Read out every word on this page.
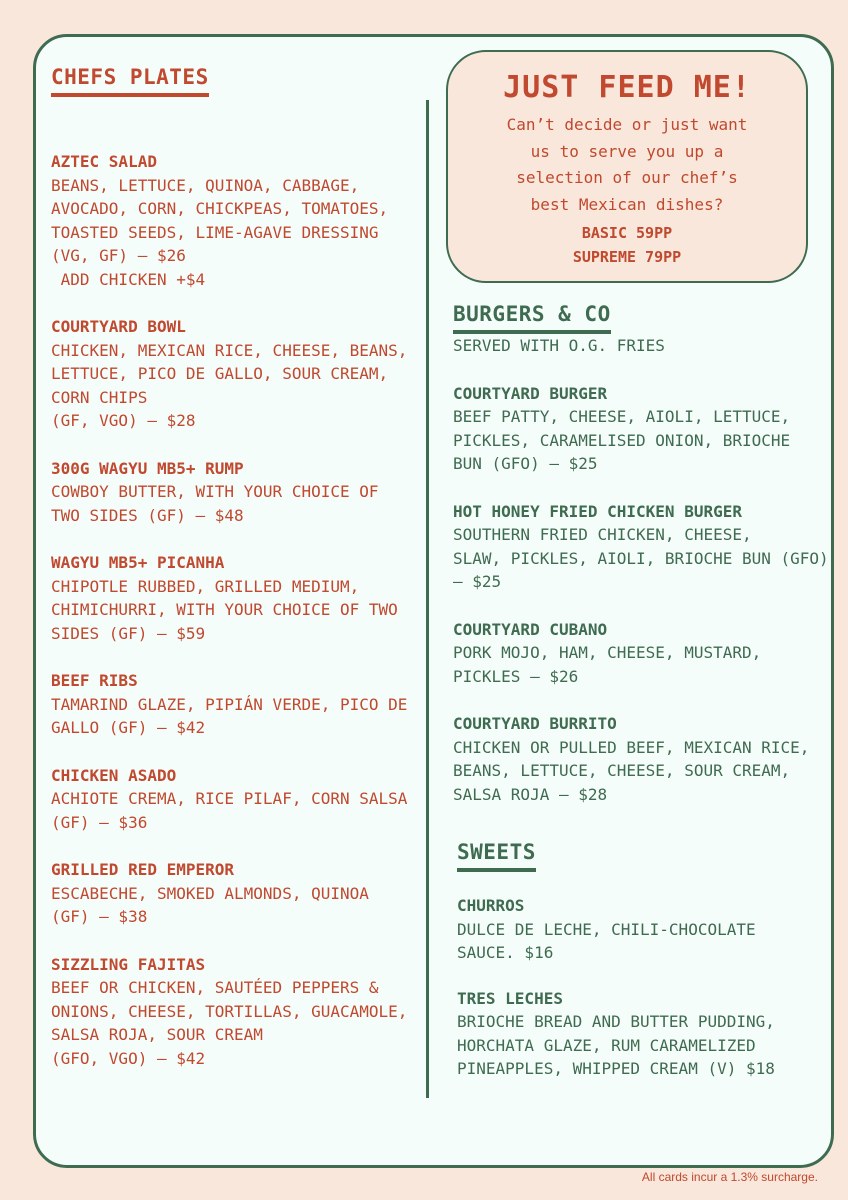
CHEFS PLATES

AZTEC SALAD

BEANS, LETTUCE, QUINOA, CABBAGE,
AVOCADO, CORN, CHICKPEAS, TOMATOES,
TOASTED SEEDS, LIME-AGAVE DRESSING
(VG, GF) — $26
ADD CHICKEN +$4

COURTYARD BOWL

CHICKEN, MEXICAN RICE, CHEESE, BEANS,
LETTUCE, PICO DE GALLO, SOUR CREAM,
CORN CHIPS
(GF, VGO) — $28

300G WAGYU MB5+ RUMP

COWBOY BUTTER, WITH YOUR CHOICE OF
TWO SIDES (GF) — $48

WAGYU MB5+ PICANHA

CHIPOTLE RUBBED, GRILLED MEDIUM,
CHIMICHURRI, WITH YOUR CHOICE OF TWO
SIDES (GF) — $59

BEEF RIBS

TAMARIND GLAZE, PIPIÁN VERDE, PICO DE
GALLO (GF) — $42

CHICKEN ASADO

ACHIOTE CREMA, RICE PILAF, CORN SALSA
(GF) — $36

GRILLED RED EMPEROR

ESCABECHE, SMOKED ALMONDS, QUINOA
(GF) — $38

SIZZLING FAJITAS

BEEF OR CHICKEN, SAUTÉED PEPPERS &
ONIONS, CHEESE, TORTILLAS, GUACAMOLE,
SALSA ROJA, SOUR CREAM
(GFO, VGO) — $42

JUST FEED ME!
Can’t decide or just want
us to serve you up a
selection of our chef’s
best Mexican dishes?
BASIC 59PP
SUPREME 79PP
BURGERS & CO

SERVED WITH O.G. FRIES

COURTYARD BURGER

BEEF PATTY, CHEESE, AIOLI, LETTUCE,
PICKLES, CARAMELISED ONION, BRIOCHE
BUN (GFO) — $25

HOT HONEY FRIED CHICKEN BURGER

SOUTHERN FRIED CHICKEN, CHEESE,
SLAW, PICKLES, AIOLI, BRIOCHE BUN (GFO)
— $25

COURTYARD CUBANO

PORK MOJO, HAM, CHEESE, MUSTARD,
PICKLES — $26

COURTYARD BURRITO

CHICKEN OR PULLED BEEF, MEXICAN RICE,
BEANS, LETTUCE, CHEESE, SOUR CREAM,
SALSA ROJA — $28

SWEETS

CHURROS

DULCE DE LECHE, CHILI-CHOCOLATE
SAUCE. $16

TRES LECHES

BRIOCHE BREAD AND BUTTER PUDDING,
HORCHATA GLAZE, RUM CARAMELIZED
PINEAPPLES, WHIPPED CREAM (V) $18

All cards incur a 1.3% surcharge.
